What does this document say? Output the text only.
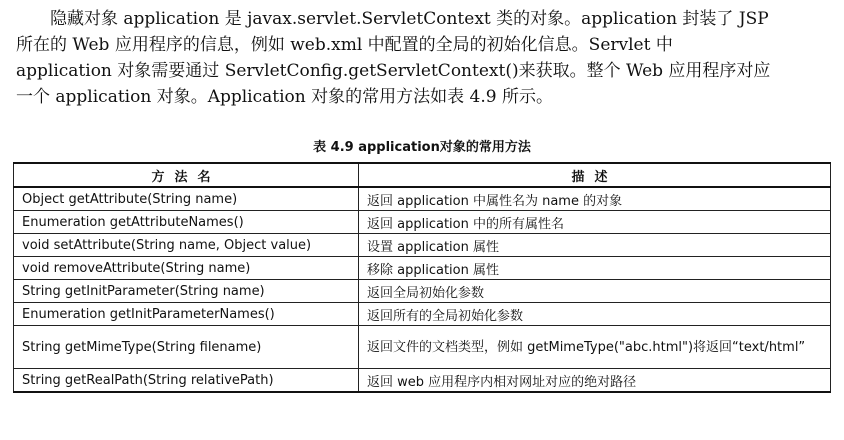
隐藏对象 application 是 javax.servlet.ServletContext 类的对象。application 封装了 JSP
所在的 Web 应用程序的信息，例如 web.xml 中配置的全局的初始化信息。Servlet 中
application 对象需要通过 ServletConfig.getServletContext()来获取。整个 Web 应用程序对应
一个 application 对象。Application 对象的常用方法如表 4.9 所示。
表 4.9 application对象的常用方法
方法名	描述
Object getAttribute(String name)	返回 application 中属性名为 name 的对象
Enumeration getAttributeNames()	返回 application 中的所有属性名
void setAttribute(String name, Object value)	设置 application 属性
void removeAttribute(String name)	移除 application 属性
String getInitParameter(String name)	返回全局初始化参数
Enumeration getInitParameterNames()	返回所有的全局初始化参数
String getMimeType(String filename)	返回文件的文档类型，例如 getMimeType("abc.html")将返回“text/html”
String getRealPath(String relativePath)	返回 web 应用程序内相对网址对应的绝对路径
